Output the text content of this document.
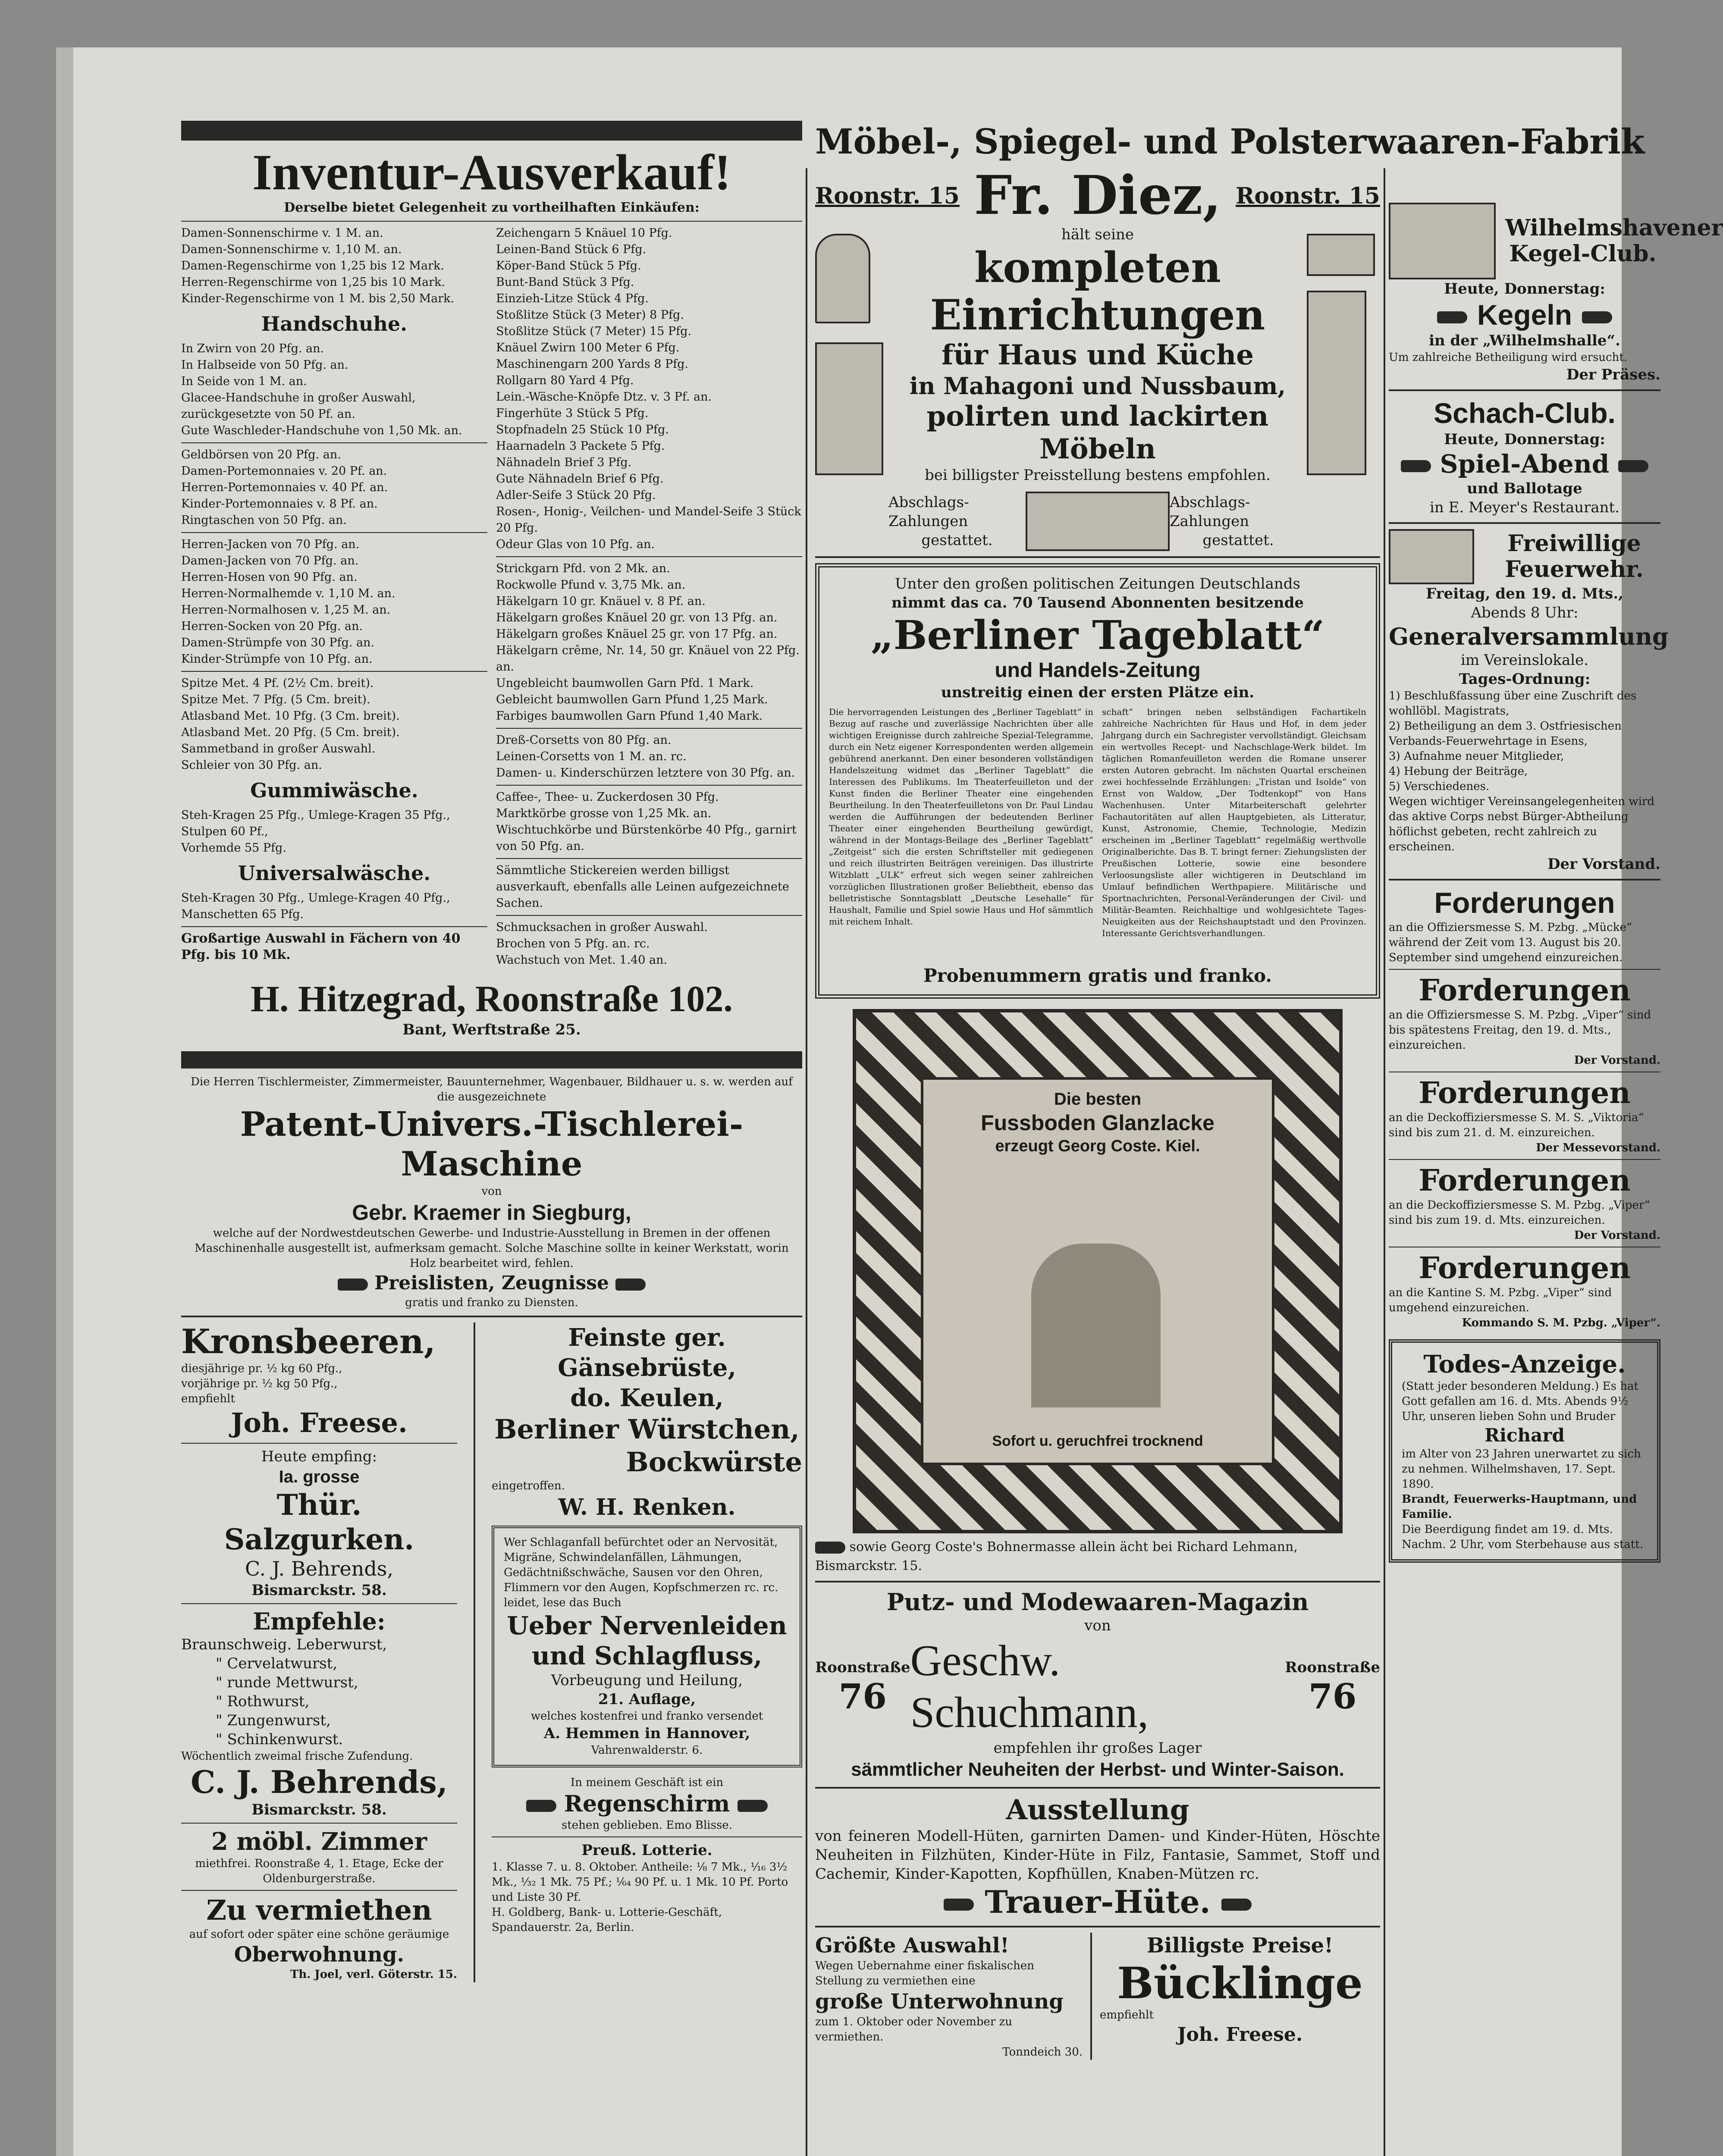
Inventur-Ausverkauf!
Derselbe bietet Gelegenheit zu vortheilhaften Einkäufen:
Damen-Sonnenschirme v. 1 M. an.
Damen-Sonnenschirme v. 1,10 M. an.
Damen-Regenschirme von 1,25 bis 12 Mark.
Herren-Regenschirme von 1,25 bis 10 Mark.
Kinder-Regenschirme von 1 M. bis 2,50 Mark.
Handschuhe.
In Zwirn von 20 Pfg. an.
In Halbseide von 50 Pfg. an.
In Seide von 1 M. an.
Glacee-Handschuhe in großer Auswahl, zurückgesetzte von 50 Pf. an.
Gute Waschleder-Handschuhe von 1,50 Mk. an.
Geldbörsen von 20 Pfg. an.
Damen-Portemonnaies v. 20 Pf. an.
Herren-Portemonnaies v. 40 Pf. an.
Kinder-Portemonnaies v. 8 Pf. an.
Ringtaschen von 50 Pfg. an.
Herren-Jacken von 70 Pfg. an.
Damen-Jacken von 70 Pfg. an.
Herren-Hosen von 90 Pfg. an.
Herren-Normalhemde v. 1,10 M. an.
Herren-Normalhosen v. 1,25 M. an.
Herren-Socken von 20 Pfg. an.
Damen-Strümpfe von 30 Pfg. an.
Kinder-Strümpfe von 10 Pfg. an.
Spitze Met. 4 Pf. (2½ Cm. breit).
Spitze Met. 7 Pfg. (5 Cm. breit).
Atlasband Met. 10 Pfg. (3 Cm. breit).
Atlasband Met. 20 Pfg. (5 Cm. breit).
Sammetband in großer Auswahl.
Schleier von 30 Pfg. an.
Gummiwäsche.
Steh-Kragen 25 Pfg., Umlege-Kragen 35 Pfg., Stulpen 60 Pf.,
Vorhemde 55 Pfg.
Universalwäsche.
Steh-Kragen 30 Pfg., Umlege-Kragen 40 Pfg., Manschetten 65 Pfg.
Großartige Auswahl in Fächern von 40 Pfg. bis 10 Mk.
Zeichengarn 5 Knäuel 10 Pfg.
Leinen-Band Stück 6 Pfg.
Köper-Band Stück 5 Pfg.
Bunt-Band Stück 3 Pfg.
Einzieh-Litze Stück 4 Pfg.
Stoßlitze Stück (3 Meter) 8 Pfg.
Stoßlitze Stück (7 Meter) 15 Pfg.
Knäuel Zwirn 100 Meter 6 Pfg.
Maschinengarn 200 Yards 8 Pfg.
Rollgarn 80 Yard 4 Pfg.
Lein.-Wäsche-Knöpfe Dtz. v. 3 Pf. an.
Fingerhüte 3 Stück 5 Pfg.
Stopfnadeln 25 Stück 10 Pfg.
Haarnadeln 3 Packete 5 Pfg.
Nähnadeln Brief 3 Pfg.
Gute Nähnadeln Brief 6 Pfg.
Adler-Seife 3 Stück 20 Pfg.
Rosen-, Honig-, Veilchen- und Mandel-Seife 3 Stück 20 Pfg.
Odeur Glas von 10 Pfg. an.
Strickgarn Pfd. von 2 Mk. an.
Rockwolle Pfund v. 3,75 Mk. an.
Häkelgarn 10 gr. Knäuel v. 8 Pf. an.
Häkelgarn großes Knäuel 20 gr. von 13 Pfg. an.
Häkelgarn großes Knäuel 25 gr. von 17 Pfg. an.
Häkelgarn crême, Nr. 14, 50 gr. Knäuel von 22 Pfg. an.
Ungebleicht baumwollen Garn Pfd. 1 Mark.
Gebleicht baumwollen Garn Pfund 1,25 Mark.
Farbiges baumwollen Garn Pfund 1,40 Mark.
Dreß-Corsetts von 80 Pfg. an.
Leinen-Corsetts von 1 M. an. rc.
Damen- u. Kinderschürzen letztere von 30 Pfg. an.
Caffee-, Thee- u. Zuckerdosen 30 Pfg.
Marktkörbe grosse von 1,25 Mk. an.
Wischtuchkörbe und Bürstenkörbe 40 Pfg., garnirt von 50 Pfg. an.
Sämmtliche Stickereien werden billigst ausverkauft, ebenfalls alle Leinen aufgezeichnete Sachen.
Schmucksachen in großer Auswahl.
Brochen von 5 Pfg. an. rc.
Wachstuch von Met. 1.40 an.
H. Hitzegrad, Roonstraße 102.
Bant, Werftstraße 25.
Die Herren Tischlermeister, Zimmermeister, Bauunternehmer, Wagenbauer, Bildhauer u. s. w. werden auf die ausgezeichnete
Patent-Univers.-Tischlerei-Maschine
von
Gebr. Kraemer in Siegburg,
welche auf der Nordwestdeutschen Gewerbe- und Industrie-Ausstellung in Bremen in der offenen Maschinenhalle ausgestellt ist, aufmerksam gemacht. Solche Maschine sollte in keiner Werkstatt, worin Holz bearbeitet wird, fehlen.
Preislisten, Zeugnisse
gratis und franko zu Diensten.
Kronsbeeren,
diesjährige pr. ½ kg 60 Pfg.,
vorjährige pr. ½ kg 50 Pfg.,
empfiehlt
Joh. Freese.
Heute empfing:
Ia. grosse
Thür. Salzgurken.
C. J. Behrends,
Bismarckstr. 58.
Empfehle:
Braunschweig. Leberwurst,
" Cervelatwurst,
" runde Mettwurst,
" Rothwurst,
" Zungenwurst,
" Schinkenwurst.
Wöchentlich zweimal frische Zufendung.
C. J. Behrends,
Bismarckstr. 58.
2 möbl. Zimmer
miethfrei. Roonstraße 4, 1. Etage, Ecke der Oldenburgerstraße.
Zu vermiethen
auf sofort oder später eine schöne geräumige
Oberwohnung.
Th. Joel, verl. Göterstr. 15.
Feinste ger. Gänsebrüste,
do. Keulen,
Berliner Würstchen,
Bockwürste
eingetroffen.
W. H. Renken.
Wer Schlaganfall befürchtet oder an Nervosität, Migräne, Schwindelanfällen, Lähmungen, Gedächtnißschwäche, Sausen vor den Ohren, Flimmern vor den Augen, Kopfschmerzen rc. rc. leidet, lese das Buch
Ueber Nervenleiden und Schlagfluss,
Vorbeugung und Heilung,
21. Auflage,
welches kostenfrei und franko versendet
A. Hemmen in Hannover,
Vahrenwalderstr. 6.
In meinem Geschäft ist ein
Regenschirm
stehen geblieben. Emo Blisse.
Preuß. Lotterie.
1. Klasse 7. u. 8. Oktober. Antheile: ⅛ 7 Mk., ⅟₁₆ 3½ Mk., ⅟₃₂ 1 Mk. 75 Pf.; ⅟₆₄ 90 Pf. u. 1 Mk. 10 Pf. Porto und Liste 30 Pf.
H. Goldberg, Bank- u. Lotterie-Geschäft, Spandauerstr. 2a, Berlin.
Möbel-, Spiegel- und Polsterwaaren-Fabrik
Roonstr. 15 Fr. Diez, Roonstr. 15

hält seine
kompleten Einrichtungen
für Haus und Küche
in Mahagoni und Nussbaum,
polirten und lackirten Möbeln
bei billigster Preisstellung bestens empfohlen.
Abschlags-Zahlungen
gestattet.
Abschlags-Zahlungen
gestattet.

Unter den großen politischen Zeitungen Deutschlands
nimmt das ca. 70 Tausend Abonnenten besitzende
„Berliner Tageblatt“
und Handels-Zeitung
unstreitig einen der ersten Plätze ein.
Die hervorragenden Leistungen des „Berliner Tageblatt“ in Bezug auf rasche und zuverlässige Nachrichten über alle wichtigen Ereignisse durch zahlreiche Spezial-Telegramme, durch ein Netz eigener Korrespondenten werden allgemein gebührend anerkannt. Den einer besonderen vollständigen Handelszeitung widmet das „Berliner Tageblatt“ die Interessen des Publikums. Im Theaterfeuilleton und der Kunst finden die Berliner Theater eine eingehenden Beurtheilung. In den Theaterfeuilletons von Dr. Paul Lindau werden die Aufführungen der bedeutenden Berliner Theater einer eingehenden Beurtheilung gewürdigt, während in der Montags-Beilage des „Berliner Tageblatt“ „Zeitgeist“ sich die ersten Schriftsteller mit gediegenen und reich illustrirten Beiträgen vereinigen. Das illustrirte Witzblatt „ULK“ erfreut sich wegen seiner zahlreichen vorzüglichen Illustrationen großer Beliebtheit, ebenso das belletristische Sonntagsblatt „Deutsche Lesehalle“ für Haushalt, Familie und Spiel sowie Haus und Hof sämmtlich mit reichem Inhalt.
schaft“ bringen neben selbständigen Fachartikeln zahlreiche Nachrichten für Haus und Hof, in dem jeder Jahrgang durch ein Sachregister vervollständigt. Gleichsam ein wertvolles Recept- und Nachschlage-Werk bildet. Im täglichen Romanfeuilleton werden die Romane unserer ersten Autoren gebracht. Im nächsten Quartal erscheinen zwei hochfesselnde Erzählungen: „Tristan und Isolde“ von Ernst von Waldow, „Der Todtenkopf“ von Hans Wachenhusen. Unter Mitarbeiterschaft gelehrter Fachautoritäten auf allen Hauptgebieten, als Litteratur, Kunst, Astronomie, Chemie, Technologie, Medizin erscheinen im „Berliner Tageblatt“ regelmäßig werthvolle Originalberichte. Das B. T. bringt ferner: Ziehungslisten der Preußischen Lotterie, sowie eine besondere Verloosungsliste aller wichtigeren in Deutschland im Umlauf befindlichen Werthpapiere. Militärische und Sportnachrichten, Personal-Veränderungen der Civil- und Militär-Beamten. Reichhaltige und wohlgesichtete Tages-Neuigkeiten aus der Reichshauptstadt und den Provinzen. Interessante Gerichtsverhandlungen.
Probenummern gratis und franko.
Die besten
Fussboden Glanzlacke
erzeugt Georg Coste. Kiel.
Sofort u. geruchfrei trocknend
sowie Georg Coste's Bohnermasse allein ächt bei Richard Lehmann, Bismarckstr. 15.
Putz- und Modewaaren-Magazin
von
Roonstraße
76
Geschw. Schuchmann,
Roonstraße
76
empfehlen ihr großes Lager
sämmtlicher Neuheiten der Herbst- und Winter-Saison.
Ausstellung
von feineren Modell-Hüten, garnirten Damen- und Kinder-Hüten, Höschte Neuheiten in Filzhüten, Kinder-Hüte in Filz, Fantasie, Sammet, Stoff und Cachemir, Kinder-Kapotten, Kopfhüllen, Knaben-Mützen rc.
Trauer-Hüte.
Größte Auswahl!
Wegen Uebernahme einer fiskalischen Stellung zu vermiethen eine
große Unterwohnung
zum 1. Oktober oder November zu vermiethen.
Tonndeich 30.
Billigste Preise!
Bücklinge
empfiehlt
Joh. Freese.
Wilhelmshavener Kegel-Club.
Heute, Donnerstag:
Kegeln
in der „Wilhelmshalle“.
Um zahlreiche Betheiligung wird ersucht.
Der Präses.
Schach-Club.
Heute, Donnerstag:
Spiel-Abend
und Ballotage
in E. Meyer's Restaurant.
Freiwillige Feuerwehr.
Freitag, den 19. d. Mts.,
Abends 8 Uhr:
Generalversammlung
im Vereinslokale.
Tages-Ordnung:
1) Beschlußfassung über eine Zuschrift des wohllöbl. Magistrats,
2) Betheiligung an dem 3. Ostfriesischen Verbands-Feuerwehrtage in Esens,
3) Aufnahme neuer Mitglieder,
4) Hebung der Beiträge,
5) Verschiedenes.
Wegen wichtiger Vereinsangelegenheiten wird das aktive Corps nebst Bürger-Abtheilung höflichst gebeten, recht zahlreich zu erscheinen.
Der Vorstand.
Forderungen
an die Offiziersmesse S. M. Pzbg. „Mücke“ während der Zeit vom 13. August bis 20. September sind umgehend einzureichen.
Forderungen
an die Offiziersmesse S. M. Pzbg. „Viper“ sind bis spätestens Freitag, den 19. d. Mts., einzureichen.
Der Vorstand.
Forderungen
an die Deckoffiziersmesse S. M. S. „Viktoria“ sind bis zum 21. d. M. einzureichen.
Der Messevorstand.
Forderungen
an die Deckoffiziersmesse S. M. Pzbg. „Viper“ sind bis zum 19. d. Mts. einzureichen.
Der Vorstand.
Forderungen
an die Kantine S. M. Pzbg. „Viper“ sind umgehend einzureichen.
Kommando S. M. Pzbg. „Viper“.
Todes-Anzeige.
(Statt jeder besonderen Meldung.) Es hat Gott gefallen am 16. d. Mts. Abends 9½ Uhr, unseren lieben Sohn und Bruder
Richard
im Alter von 23 Jahren unerwartet zu sich zu nehmen. Wilhelmshaven, 17. Sept. 1890.
Brandt, Feuerwerks-Hauptmann, und Familie.
Die Beerdigung findet am 19. d. Mts. Nachm. 2 Uhr, vom Sterbehause aus statt.
